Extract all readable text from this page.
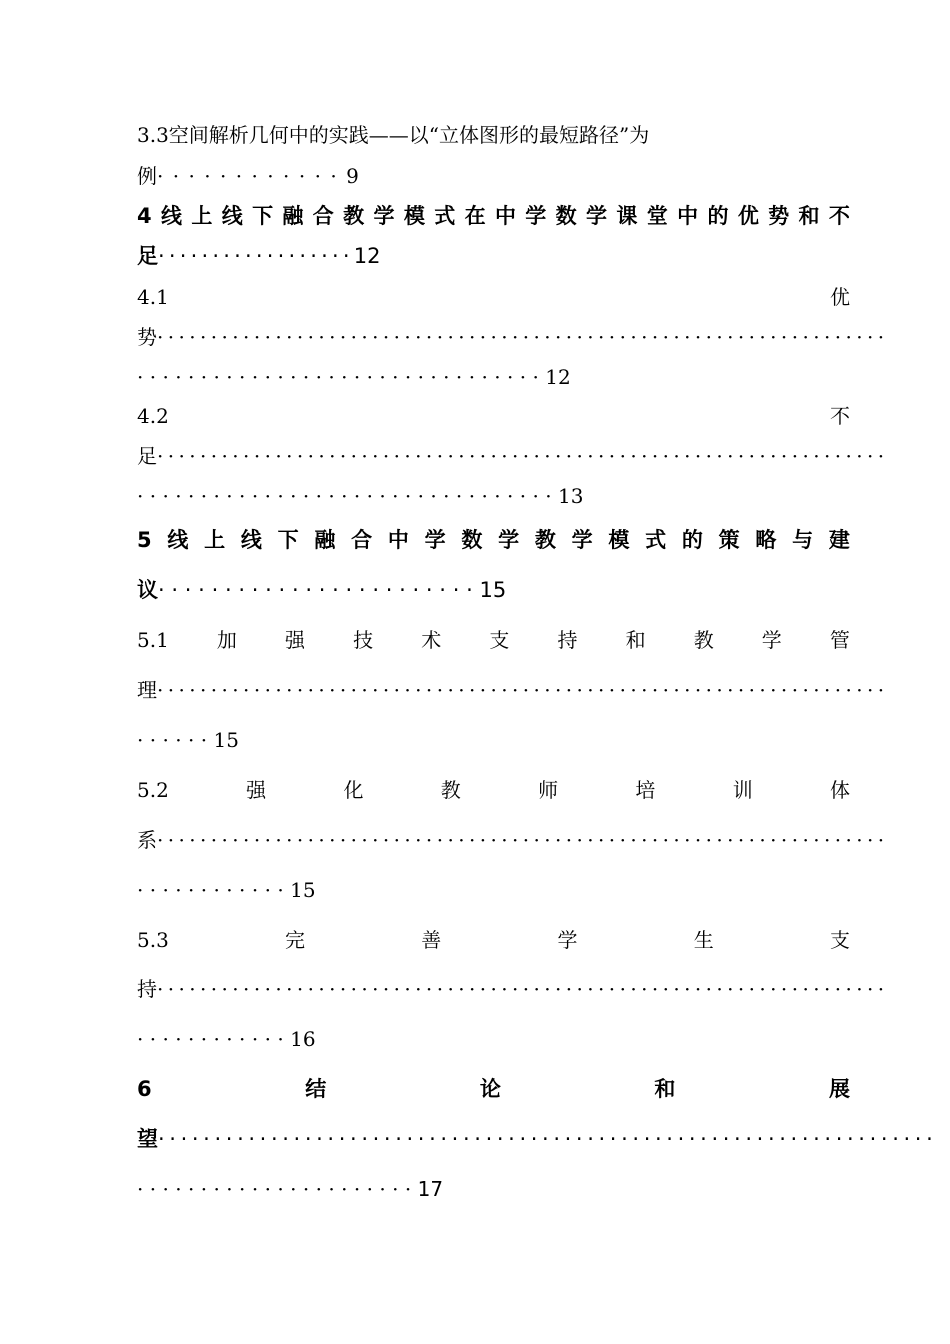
3.3空间解析几何中的实践——以“立体图形的最短路径”为
例············9
4 线 上 线 下 融 合 教 学 模 式 在 中 学 数 学 课 堂 中 的 优 势 和 不
足··················12
4.1	优
势····································································
································12
4.2	不
足····································································
·································13
5 线 上 线 下 融 合 中 学 数 学 教 学 模 式 的 策 略 与 建
议························15
5.1 加 强 技 术 支 持 和 教 学 管
理····································································
······15
5.2	强	化	教	师	培	训	体
系····································································
············15
5.3	完	善	学	生	支
持····································································
············16
6	结	论	和	展
望·····································································
······················17
